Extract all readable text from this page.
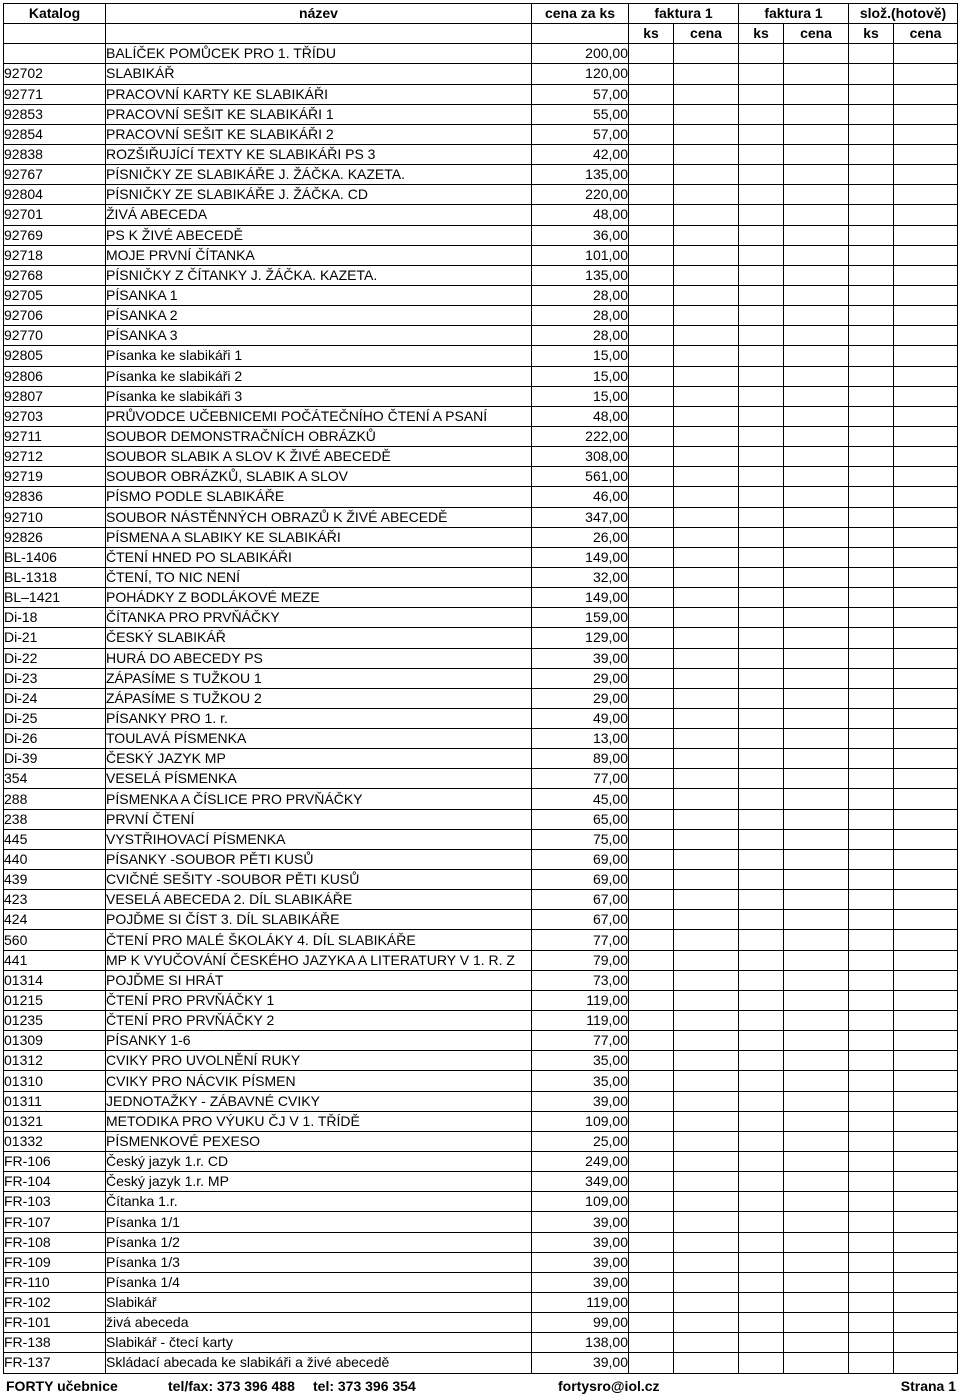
Katalog	název	cena za ks	faktura 1		faktura 1		slož.(hotově)	
			ks	cena	ks	cena	ks	cena
	BALÍČEK POMŮCEK PRO 1. TŘÍDU	200,00						
92702	SLABIKÁŘ	120,00						
92771	PRACOVNÍ KARTY KE SLABIKÁŘI	57,00						
92853	PRACOVNÍ SEŠIT KE SLABIKÁŘI 1	55,00						
92854	PRACOVNÍ SEŠIT KE SLABIKÁŘI 2	57,00						
92838	ROZŠIŘUJÍCÍ TEXTY KE SLABIKÁŘI PS 3	42,00						
92767	PÍSNIČKY ZE SLABIKÁŘE J. ŽÁČKA. KAZETA.	135,00						
92804	PÍSNIČKY ZE SLABIKÁŘE J. ŽÁČKA. CD	220,00						
92701	ŽIVÁ ABECEDA	48,00						
92769	PS K ŽIVÉ ABECEDĚ	36,00						
92718	MOJE PRVNÍ ČÍTANKA	101,00						
92768	PÍSNIČKY Z ČÍTANKY J. ŽÁČKA. KAZETA.	135,00						
92705	PÍSANKA 1	28,00						
92706	PÍSANKA 2	28,00						
92770	PÍSANKA 3	28,00						
92805	Písanka ke slabikáři 1	15,00						
92806	Písanka ke slabikáři 2	15,00						
92807	Písanka ke slabikáři 3	15,00						
92703	PRŮVODCE UČEBNICEMI POČÁTEČNÍHO ČTENÍ A PSANÍ	48,00						
92711	SOUBOR DEMONSTRAČNÍCH OBRÁZKŮ	222,00						
92712	SOUBOR SLABIK A SLOV K ŽIVÉ ABECEDĚ	308,00						
92719	SOUBOR OBRÁZKŮ, SLABIK A SLOV	561,00						
92836	PÍSMO PODLE SLABIKÁŘE	46,00						
92710	SOUBOR NÁSTĚNNÝCH OBRAZŮ K ŽIVÉ ABECEDĚ	347,00						
92826	PÍSMENA A SLABIKY KE SLABIKÁŘI	26,00						
BL-1406	ČTENÍ HNED PO SLABIKÁŘI	149,00						
BL-1318	ČTENÍ, TO NIC NENÍ	32,00						
BL–1421	POHÁDKY Z BODLÁKOVÉ MEZE	149,00						
Di-18	ČÍTANKA PRO PRVŇÁČKY	159,00						
Di-21	ČESKÝ SLABIKÁŘ	129,00						
Di-22	HURÁ DO ABECEDY PS	39,00						
Di-23	ZÁPASÍME S TUŽKOU 1	29,00						
Di-24	ZÁPASÍME S TUŽKOU 2	29,00						
Di-25	PÍSANKY PRO 1. r.	49,00						
Di-26	TOULAVÁ PÍSMENKA	13,00						
Di-39	ČESKÝ JAZYK MP	89,00						
354	VESELÁ PÍSMENKA	77,00						
288	PÍSMENKA A ČÍSLICE PRO PRVŇÁČKY	45,00						
238	PRVNÍ ČTENÍ	65,00						
445	VYSTŘIHOVACÍ PÍSMENKA	75,00						
440	PÍSANKY -SOUBOR PĚTI KUSŮ	69,00						
439	CVIČNÉ SEŠITY -SOUBOR PĚTI KUSŮ	69,00						
423	VESELÁ ABECEDA 2. DÍL SLABIKÁŘE	67,00						
424	POJĎME SI ČÍST 3. DÍL SLABIKÁŘE	67,00						
560	ČTENÍ PRO MALÉ ŠKOLÁKY 4. DÍL SLABIKÁŘE	77,00						
441	MP K VYUČOVÁNÍ ČESKÉHO JAZYKA A LITERATURY V 1. R. Z	79,00						
01314	POJĎME SI HRÁT	73,00						
01215	ČTENÍ PRO PRVŇÁČKY 1	119,00						
01235	ČTENÍ PRO PRVŇÁČKY 2	119,00						
01309	PÍSANKY 1-6	77,00						
01312	CVIKY PRO UVOLNĚNÍ RUKY	35,00						
01310	CVIKY PRO NÁCVIK PÍSMEN	35,00						
01311	JEDNOTAŽKY - ZÁBAVNÉ CVIKY	39,00						
01321	METODIKA PRO VÝUKU ČJ V 1. TŘÍDĚ	109,00						
01332	PÍSMENKOVÉ PEXESO	25,00						
FR-106	Český jazyk 1.r. CD	249,00						
FR-104	Český jazyk 1.r. MP	349,00						
FR-103	Čítanka 1.r.	109,00						
FR-107	Písanka 1/1	39,00						
FR-108	Písanka 1/2	39,00						
FR-109	Písanka 1/3	39,00						
FR-110	Písanka 1/4	39,00						
FR-102	Slabikář	119,00						
FR-101	živá abeceda	99,00						
FR-138	Slabikář - čtecí karty	138,00						
FR-137	Skládací abecada ke slabikáři a živé abecedě	39,00						
FORTY učebnice	tel/fax: 373 396 488 tel: 373 396 354	fortysro@iol.cz	Strana 1
